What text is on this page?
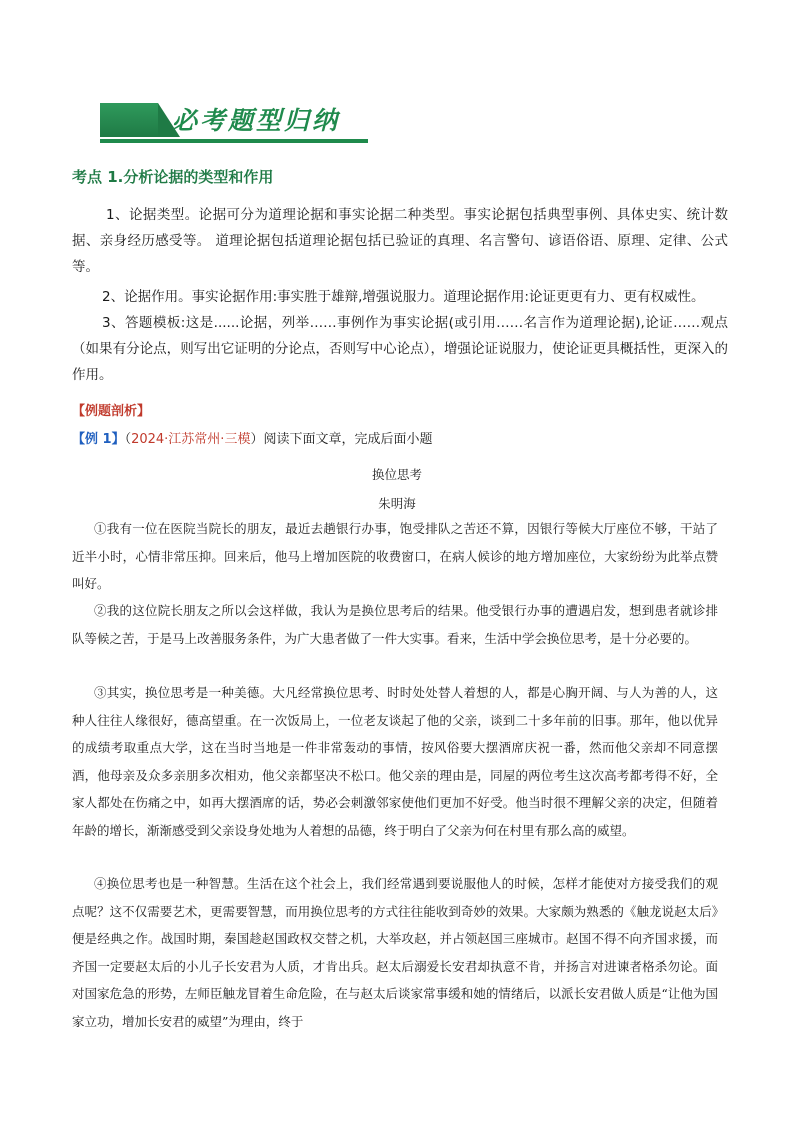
必考题型归纳
考点 1.分析论据的类型和作用

1、论据类型。论据可分为道理论据和事实论据二种类型。事实论据包括典型事例、具体史实、统计数据、亲身经历感受等。 道理论据包括道理论据包括已验证的真理、名言警句、谚语俗语、原理、定律、公式等。

2、论据作用。事实论据作用:事实胜于雄辩,增强说服力。道理论据作用:论证更更有力、更有权威性。

3、答题模板:这是......论据，列举……事例作为事实论据(或引用……名言作为道理论据),论证……观点（如果有分论点，则写出它证明的分论点，否则写中心论点），增强论证说服力，使论证更具概括性，更深入的作用。

【例题剖析】
【例 1】（2024·江苏常州·三模）阅读下面文章，完成后面小题
换位思考
朱明海

①我有一位在医院当院长的朋友，最近去趟银行办事，饱受排队之苦还不算，因银行等候大厅座位不够，干站了近半小时，心情非常压抑。回来后，他马上增加医院的收费窗口，在病人候诊的地方增加座位，大家纷纷为此举点赞叫好。

②我的这位院长朋友之所以会这样做，我认为是换位思考后的结果。他受银行办事的遭遇启发，想到患者就诊排队等候之苦，于是马上改善服务条件，为广大患者做了一件大实事。看来，生活中学会换位思考，是十分必要的。

③其实，换位思考是一种美德。大凡经常换位思考、时时处处替人着想的人，都是心胸开阔、与人为善的人，这种人往往人缘很好，德高望重。在一次饭局上，一位老友谈起了他的父亲，谈到二十多年前的旧事。那年，他以优异的成绩考取重点大学，这在当时当地是一件非常轰动的事情，按风俗要大摆酒席庆祝一番，然而他父亲却不同意摆酒，他母亲及众多亲朋多次相劝，他父亲都坚决不松口。他父亲的理由是，同屋的两位考生这次高考都考得不好，全家人都处在伤痛之中，如再大摆酒席的话，势必会刺激邻家使他们更加不好受。他当时很不理解父亲的决定，但随着年龄的增长，渐渐感受到父亲设身处地为人着想的品德，终于明白了父亲为何在村里有那么高的威望。

④换位思考也是一种智慧。生活在这个社会上，我们经常遇到要说服他人的时候，怎样才能使对方接受我们的观点呢？这不仅需要艺术，更需要智慧，而用换位思考的方式往往能收到奇妙的效果。大家颇为熟悉的《触龙说赵太后》便是经典之作。战国时期，秦国趁赵国政权交替之机，大举攻赵，并占领赵国三座城市。赵国不得不向齐国求援，而齐国一定要赵太后的小儿子长安君为人质，才肯出兵。赵太后溺爱长安君却执意不肯，并扬言对进谏者格杀勿论。面对国家危急的形势，左师臣触龙冒着生命危险，在与赵太后谈家常事缓和她的情绪后，以派长安君做人质是“让他为国家立功，增加长安君的威望”为理由，终于
